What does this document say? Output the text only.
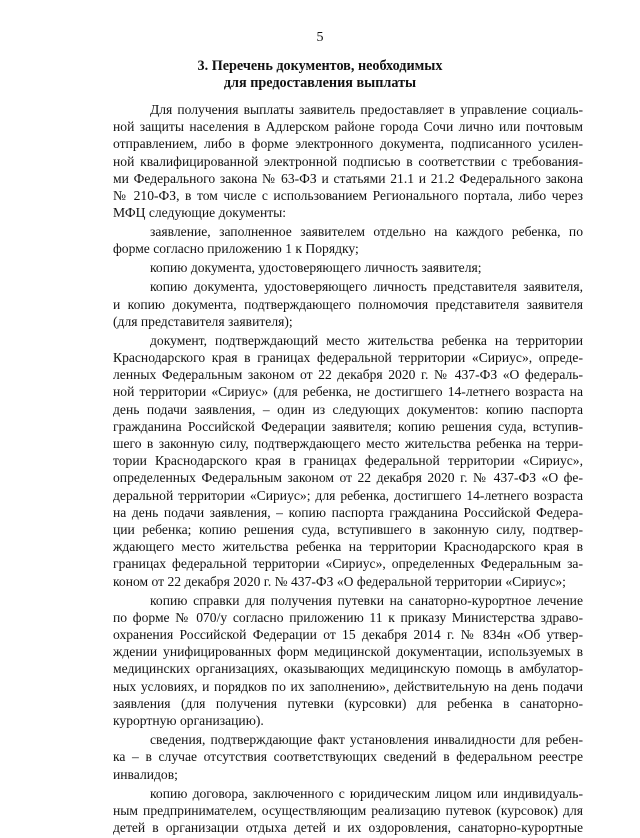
5
3. Перечень документов, необходимых
для предоставления выплаты
Для получения выплаты заявитель предоставляет в управление социаль-
ной защиты населения в Адлерском районе города Сочи лично или почтовым
отправлением, либо в форме электронного документа, подписанного усилен-
ной квалифицированной электронной подписью в соответствии с требования-
ми Федерального закона № 63-ФЗ и статьями 21.1 и 21.2 Федерального закона
№ 210-ФЗ, в том числе с использованием Регионального портала, либо через
МФЦ следующие документы:
заявление, заполненное заявителем отдельно на каждого ребенка, по
форме согласно приложению 1 к Порядку;
копию документа, удостоверяющего личность заявителя;
копию документа, удостоверяющего личность представителя заявителя,
и копию документа, подтверждающего полномочия представителя заявителя
(для представителя заявителя);
документ, подтверждающий место жительства ребенка на территории
Краснодарского края в границах федеральной территории «Сириус», опреде-
ленных Федеральным законом от 22 декабря 2020 г. № 437-ФЗ «О федераль-
ной территории «Сириус» (для ребенка, не достигшего 14-летнего возраста на
день подачи заявления, – один из следующих документов: копию паспорта
гражданина Российской Федерации заявителя; копию решения суда, вступив-
шего в законную силу, подтверждающего место жительства ребенка на терри-
тории Краснодарского края в границах федеральной территории «Сириус»,
определенных Федеральным законом от 22 декабря 2020 г. № 437-ФЗ «О фе-
деральной территории «Сириус»; для ребенка, достигшего 14-летнего возраста
на день подачи заявления, – копию паспорта гражданина Российской Федера-
ции ребенка; копию решения суда, вступившего в законную силу, подтвер-
ждающего место жительства ребенка на территории Краснодарского края в
границах федеральной территории «Сириус», определенных Федеральным за-
коном от 22 декабря 2020 г. № 437-ФЗ «О федеральной территории «Сириус»;
копию справки для получения путевки на санаторно-курортное лечение
по форме № 070/у согласно приложению 11 к приказу Министерства здраво-
охранения Российской Федерации от 15 декабря 2014 г. № 834н «Об утвер-
ждении унифицированных форм медицинской документации, используемых в
медицинских организациях, оказывающих медицинскую помощь в амбулатор-
ных условиях, и порядков по их заполнению», действительную на день подачи
заявления (для получения путевки (курсовки) для ребенка в санаторно-
курортную организацию).
сведения, подтверждающие факт установления инвалидности для ребен-
ка – в случае отсутствия соответствующих сведений в федеральном реестре
инвалидов;
копию договора, заключенного с юридическим лицом или индивидуаль-
ным предпринимателем, осуществляющим реализацию путевок (курсовок) для
детей в организации отдыха детей и их оздоровления, санаторно-курортные
